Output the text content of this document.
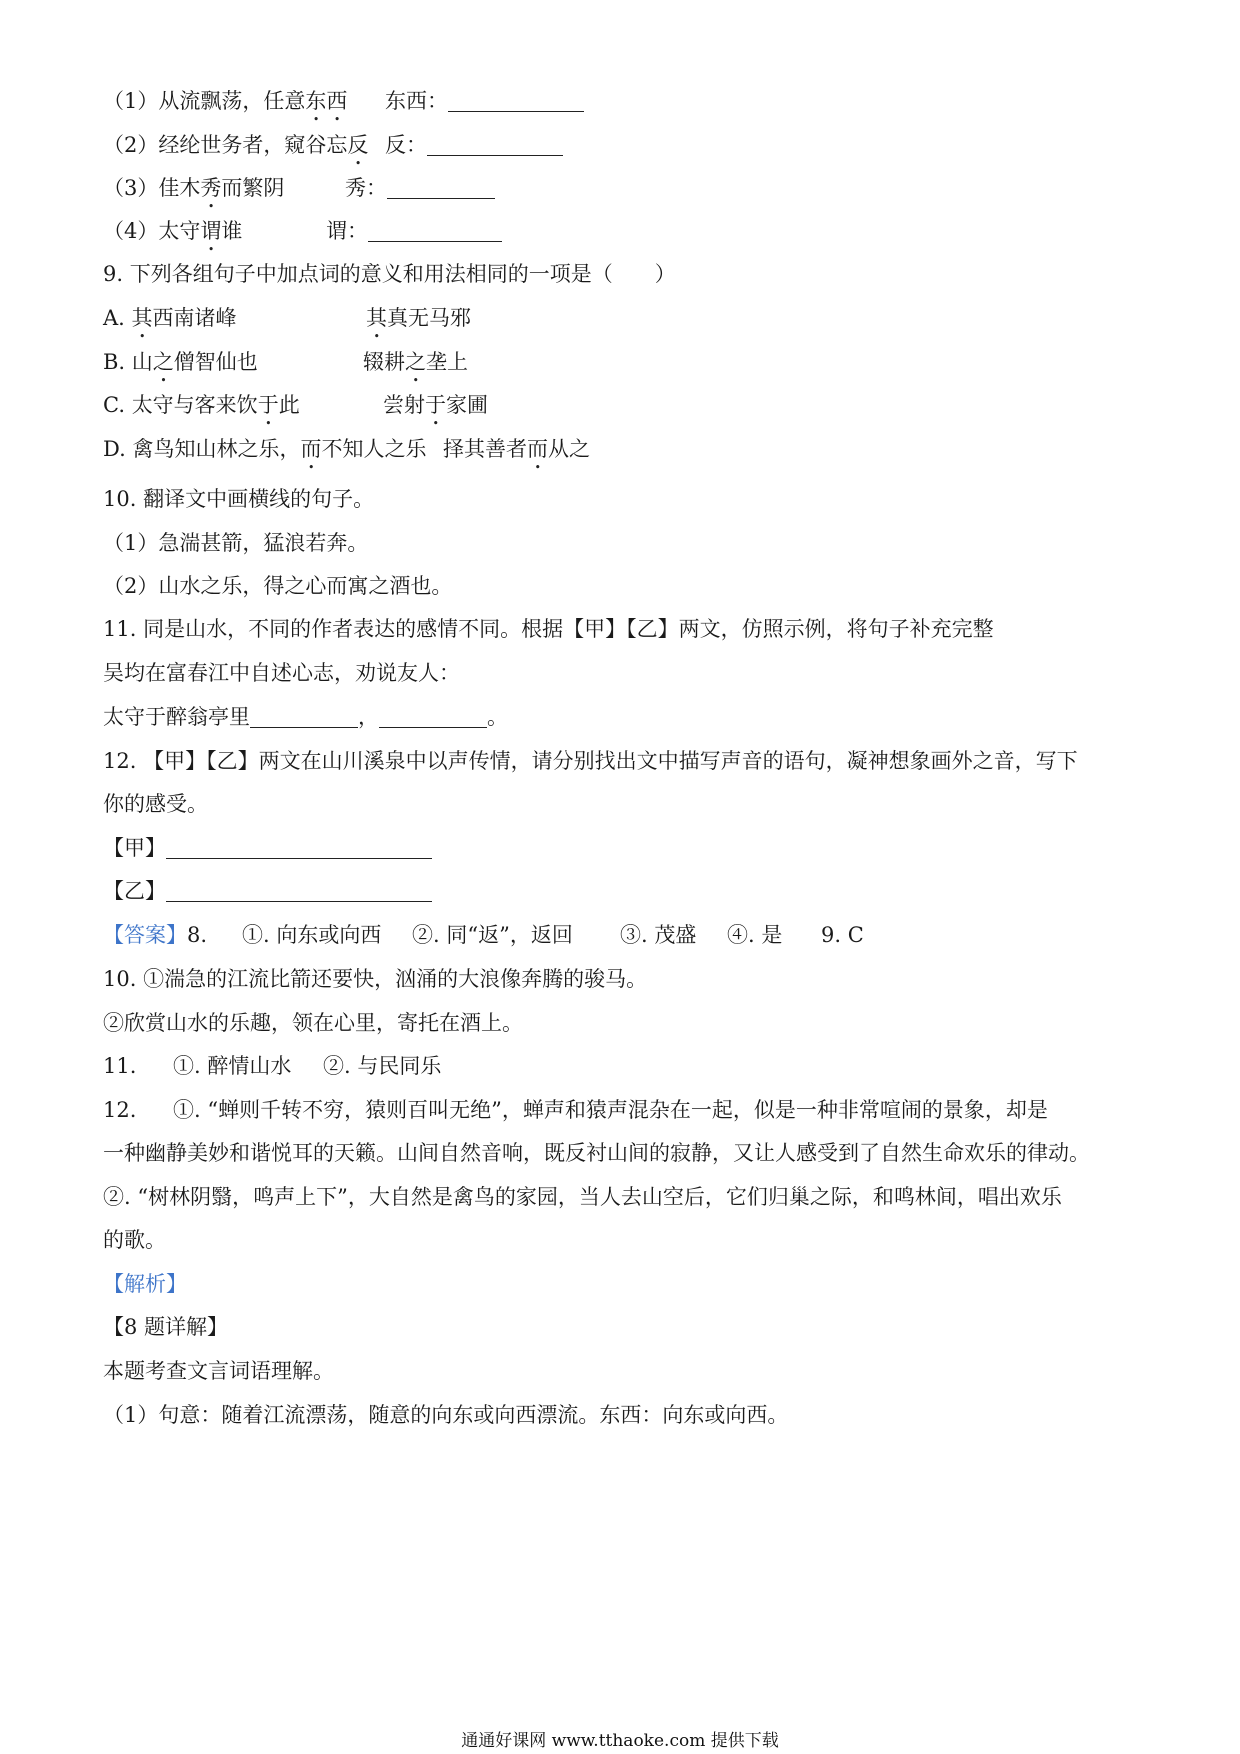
（1）从流飘荡，任意东西 东西：
（2）经纶世务者，窥谷忘反 反：
（3）佳木秀而繁阴	秀：
（4）太守谓谁	谓：
9. 下列各组句子中加点词的意义和用法相同的一项是（　　）
A. 其西南诸峰	其真无马邪
B. 山之僧智仙也	辍耕之垄上
C. 太守与客来饮于此	尝射于家圃
D. 禽鸟知山林之乐，而不知人之乐 择其善者而从之
10. 翻译文中画横线的句子。
（1）急湍甚箭，猛浪若奔。
（2）山水之乐，得之心而寓之酒也。
11. 同是山水，不同的作者表达的感情不同。根据【甲】【乙】两文，仿照示例，将句子补充完整
吴均在富春江中自述心志，劝说友人：
太守于醉翁亭里	，	。
12. 【甲】【乙】两文在山川溪泉中以声传情，请分别找出文中描写声音的语句，凝神想象画外之音，写下
你的感受。
【甲】
【乙】
【答案】8. ①. 向东或向西 ②. 同“返”，返回 ③. 茂盛 ④. 是 9. C
10. ①湍急的江流比箭还要快，汹涌的大浪像奔腾的骏马。
②欣赏山水的乐趣，领在心里，寄托在酒上。
11. ①. 醉情山水 ②. 与民同乐
12. ①. “蝉则千转不穷，猿则百叫无绝”，蝉声和猿声混杂在一起，似是一种非常喧闹的景象，却是
一种幽静美妙和谐悦耳的天籁。山间自然音响，既反衬山间的寂静，又让人感受到了自然生命欢乐的律动。
②. “树林阴翳，鸣声上下”，大自然是禽鸟的家园，当人去山空后，它们归巢之际，和鸣林间，唱出欢乐
的歌。
【解析】
【8 题详解】
本题考查文言词语理解。
（1）句意：随着江流漂荡，随意的向东或向西漂流。东西：向东或向西。
通通好课网 www.tthaoke.com 提供下载
